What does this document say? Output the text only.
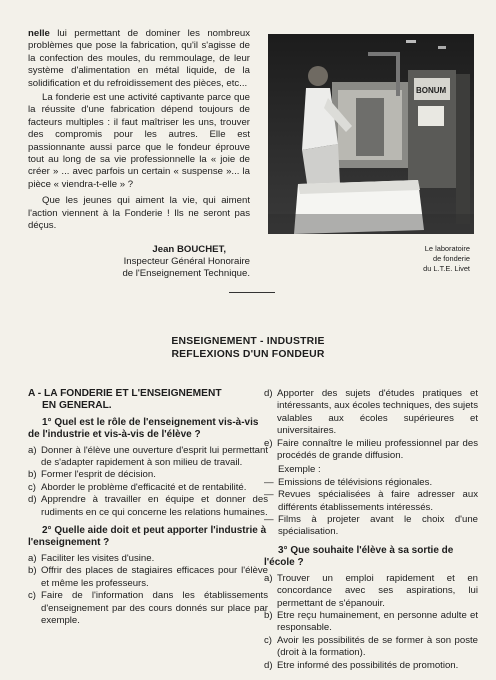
nelle lui permettant de dominer les nombreux problèmes que pose la fabrication, qu'il s'agisse de la confection des moules, du remmoulage, de leur système d'alimentation en métal liquide, de la solidification et du refroidissement des pièces, etc...

La fonderie est une activité captivante parce que la réussite d'une fabrication dépend toujours de facteurs multiples : il faut maîtriser les uns, trouver des compromis pour les autres. Elle est passionnante aussi parce que le fondeur éprouve tout au long de sa vie professionnelle la « joie de créer » ... avec parfois un certain « suspense »... la pièce « viendra-t-elle » ?

Que les jeunes qui aiment la vie, qui aiment l'action viennent à la Fonderie ! Ils ne seront pas déçus.

Jean BOUCHET,
Inspecteur Général Honoraire
de l'Enseignement Technique.
BONUM
Le laboratoire
de fonderie
du L.T.E. Livet
ENSEIGNEMENT - INDUSTRIE
REFLEXIONS D'UN FONDEUR
A - LA FONDERIE ET L'ENSEIGNEMENT
EN GENERAL.

1° Quel est le rôle de l'enseignement vis-à-vis de l'industrie et vis-à-vis de l'élève ?

a) Donner à l'élève une ouverture d'esprit lui permettant de s'adapter rapidement à son milieu de travail.
b) Former l'esprit de décision.
c) Aborder le problème d'efficacité et de rentabilité.
d) Apprendre à travailler en équipe et donner des rudiments en ce qui concerne les relations humaines.

2° Quelle aide doit et peut apporter l'industrie à l'enseignement ?

a) Faciliter les visites d'usine.
b) Offrir des places de stagiaires efficaces pour l'élève et même les professeurs.
c) Faire de l'information dans les établissements d'enseignement par des cours donnés sur place par exemple.
d) Apporter des sujets d'études pratiques et intéressants, aux écoles techniques, des sujets valables aux écoles supérieures et universitaires.
e) Faire connaître le milieu professionnel par des procédés de grande diffusion.
Exemple :
— Emissions de télévisions régionales.
— Revues spécialisées à faire adresser aux différents établissements intéressés.
— Films à projeter avant le choix d'une spécialisation.

3° Que souhaite l'élève à sa sortie de l'école ?

a) Trouver un emploi rapidement et en concordance avec ses aspirations, lui permettant de s'épanouir.
b) Etre reçu humainement, en personne adulte et responsable.
c) Avoir les possibilités de se former à son poste (droit à la formation).
d) Etre informé des possibilités de promotion.
